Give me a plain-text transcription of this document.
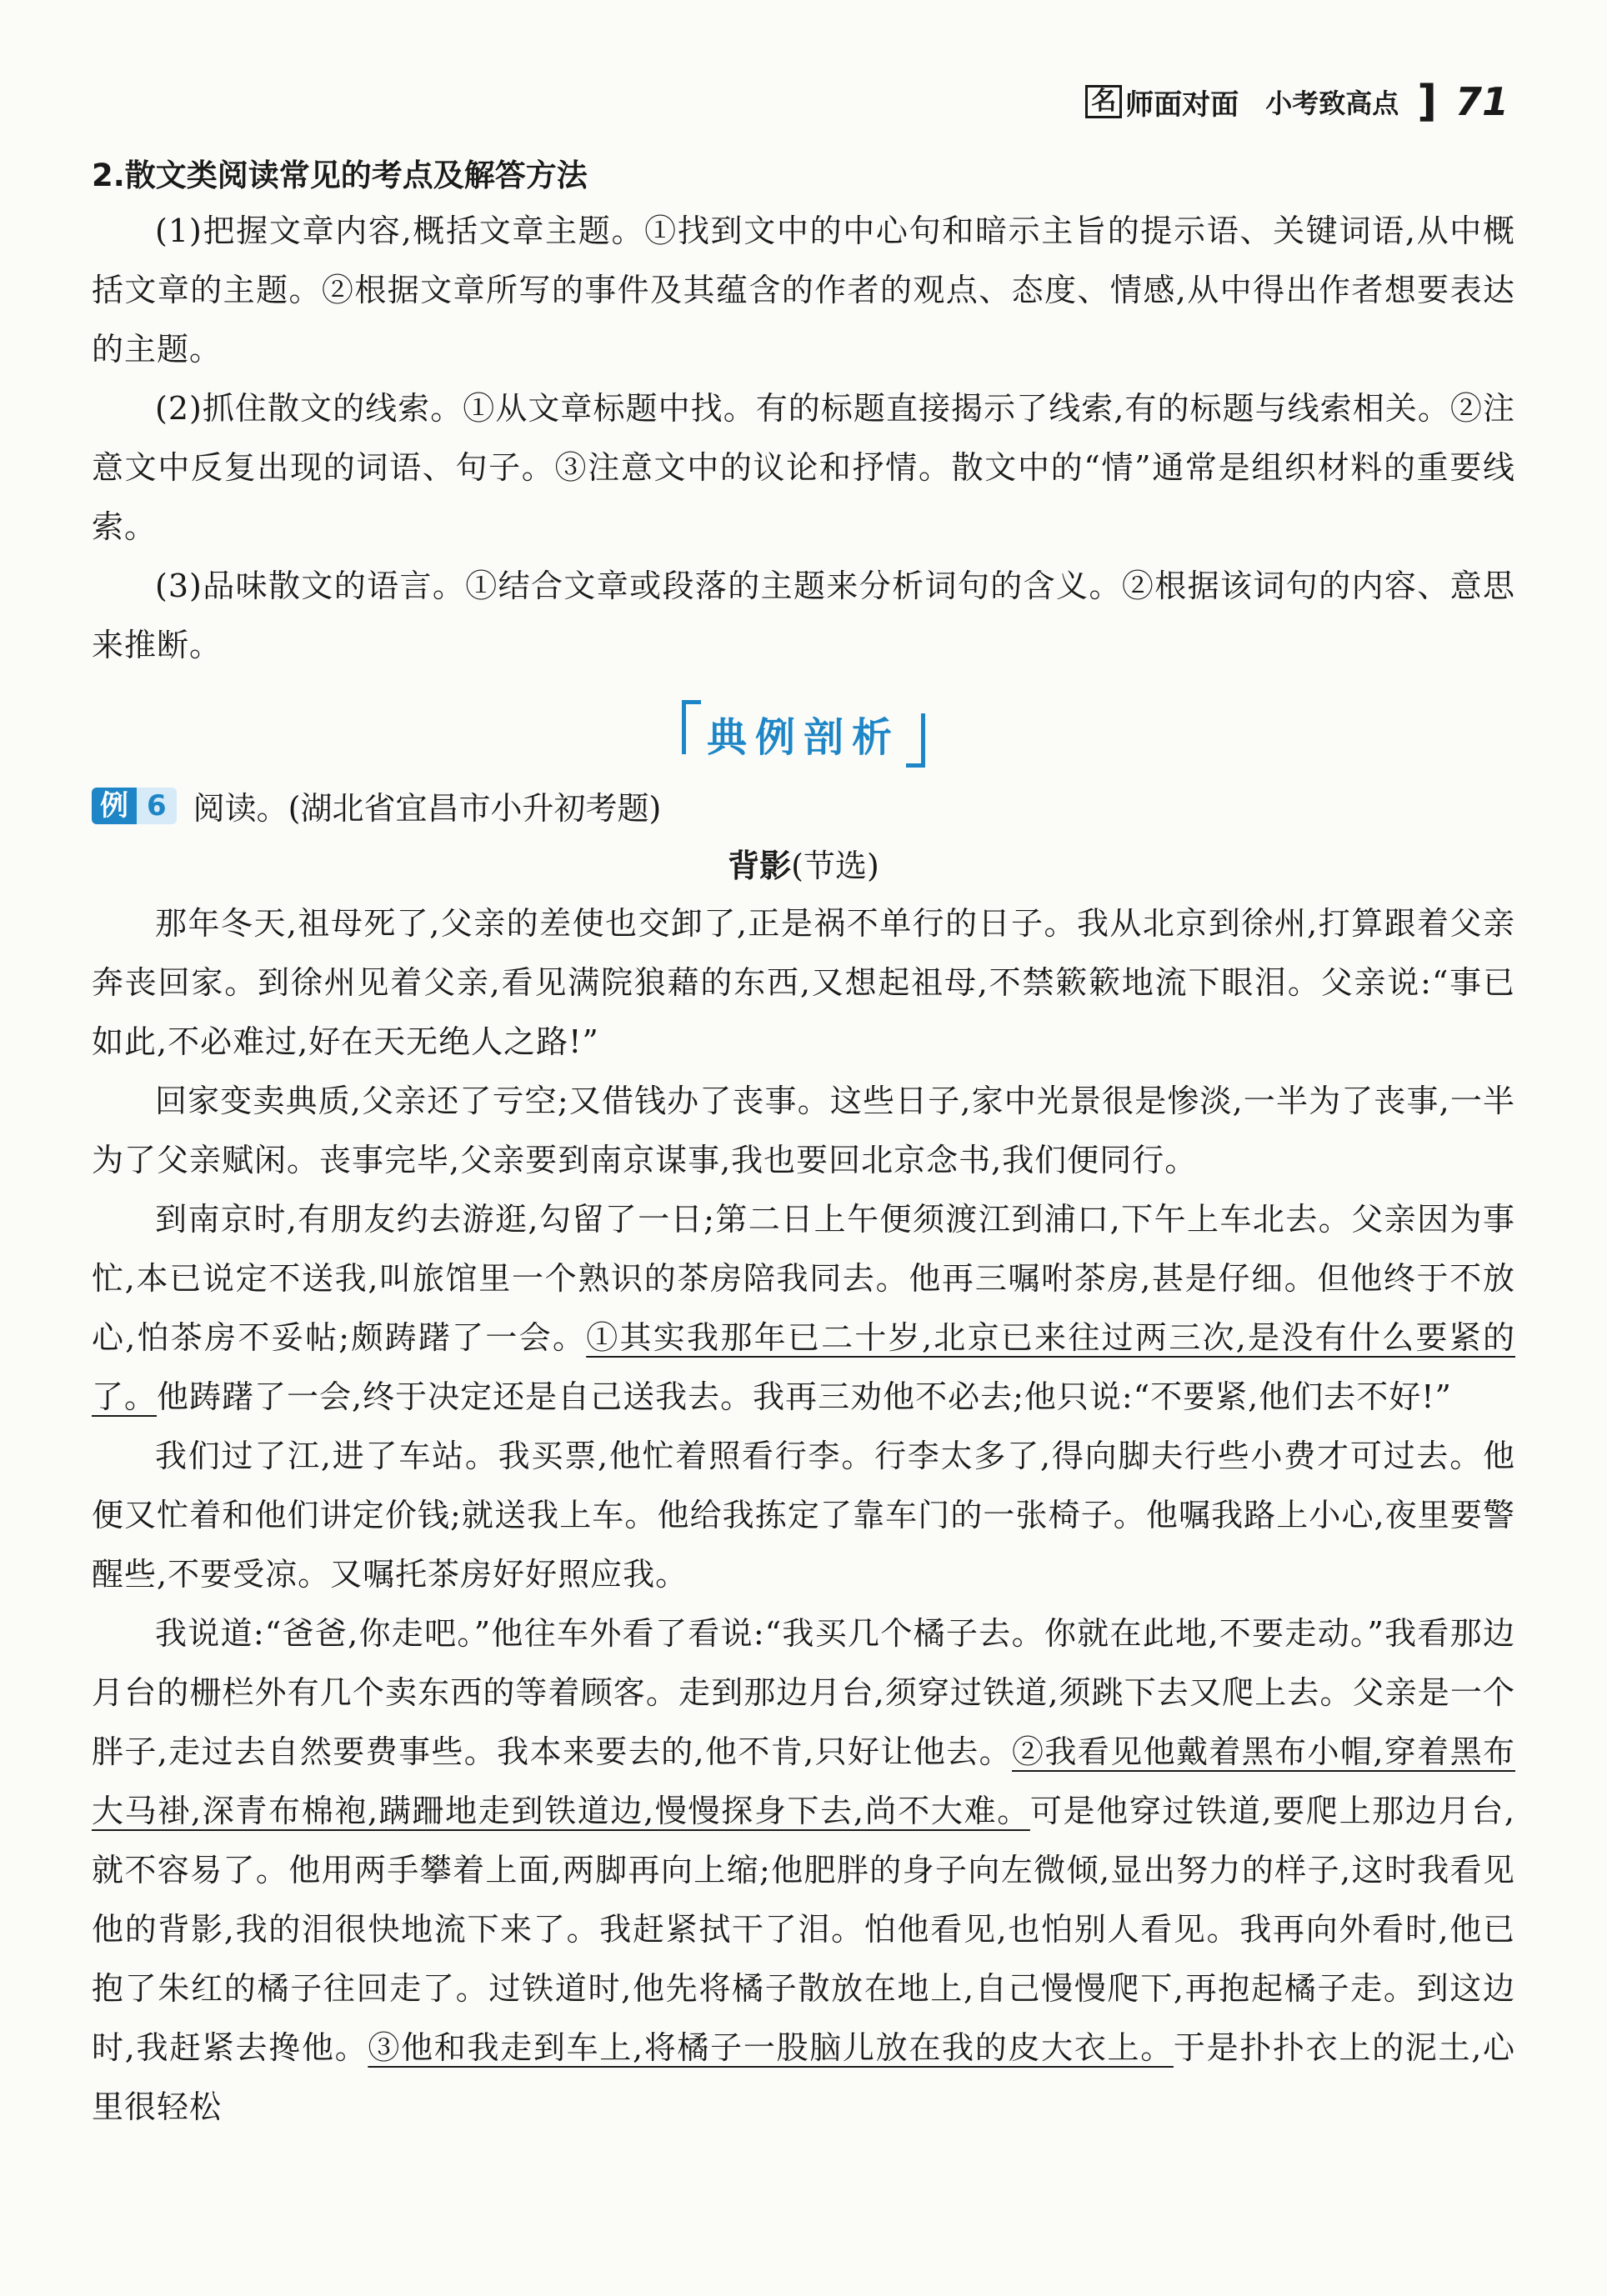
名 师面对面 小考致高点 ] 71
2.散文类阅读常见的考点及解答方法

(1)把握文章内容,概括文章主题。①找到文中的中心句和暗示主旨的提示语、关键词语,从中概括文章的主题。②根据文章所写的事件及其蕴含的作者的观点、态度、情感,从中得出作者想要表达的主题。

(2)抓住散文的线索。①从文章标题中找。有的标题直接揭示了线索,有的标题与线索相关。②注意文中反复出现的词语、句子。③注意文中的议论和抒情。散文中的“情”通常是组织材料的重要线索。

(3)品味散文的语言。①结合文章或段落的主题来分析词句的含义。②根据该词句的内容、意思来推断。

典例剖析
例 6 阅读。(湖北省宜昌市小升初考题)
背影(节选)

那年冬天,祖母死了,父亲的差使也交卸了,正是祸不单行的日子。我从北京到徐州,打算跟着父亲奔丧回家。到徐州见着父亲,看见满院狼藉的东西,又想起祖母,不禁簌簌地流下眼泪。父亲说:“事已如此,不必难过,好在天无绝人之路!”

回家变卖典质,父亲还了亏空;又借钱办了丧事。这些日子,家中光景很是惨淡,一半为了丧事,一半为了父亲赋闲。丧事完毕,父亲要到南京谋事,我也要回北京念书,我们便同行。

到南京时,有朋友约去游逛,勾留了一日;第二日上午便须渡江到浦口,下午上车北去。父亲因为事忙,本已说定不送我,叫旅馆里一个熟识的茶房陪我同去。他再三嘱咐茶房,甚是仔细。但他终于不放心,怕茶房不妥帖;颇踌躇了一会。①其实我那年已二十岁,北京已来往过两三次,是没有什么要紧的了。他踌躇了一会,终于决定还是自己送我去。我再三劝他不必去;他只说:“不要紧,他们去不好!”

我们过了江,进了车站。我买票,他忙着照看行李。行李太多了,得向脚夫行些小费才可过去。他便又忙着和他们讲定价钱;就送我上车。他给我拣定了靠车门的一张椅子。他嘱我路上小心,夜里要警醒些,不要受凉。又嘱托茶房好好照应我。

我说道:“爸爸,你走吧。”他往车外看了看说:“我买几个橘子去。你就在此地,不要走动。”我看那边月台的栅栏外有几个卖东西的等着顾客。走到那边月台,须穿过铁道,须跳下去又爬上去。父亲是一个胖子,走过去自然要费事些。我本来要去的,他不肯,只好让他去。②我看见他戴着黑布小帽,穿着黑布大马褂,深青布棉袍,蹒跚地走到铁道边,慢慢探身下去,尚不大难。可是他穿过铁道,要爬上那边月台,就不容易了。他用两手攀着上面,两脚再向上缩;他肥胖的身子向左微倾,显出努力的样子,这时我看见他的背影,我的泪很快地流下来了。我赶紧拭干了泪。怕他看见,也怕别人看见。我再向外看时,他已抱了朱红的橘子往回走了。过铁道时,他先将橘子散放在地上,自己慢慢爬下,再抱起橘子走。到这边时,我赶紧去搀他。③他和我走到车上,将橘子一股脑儿放在我的皮大衣上。于是扑扑衣上的泥土,心里很轻松
